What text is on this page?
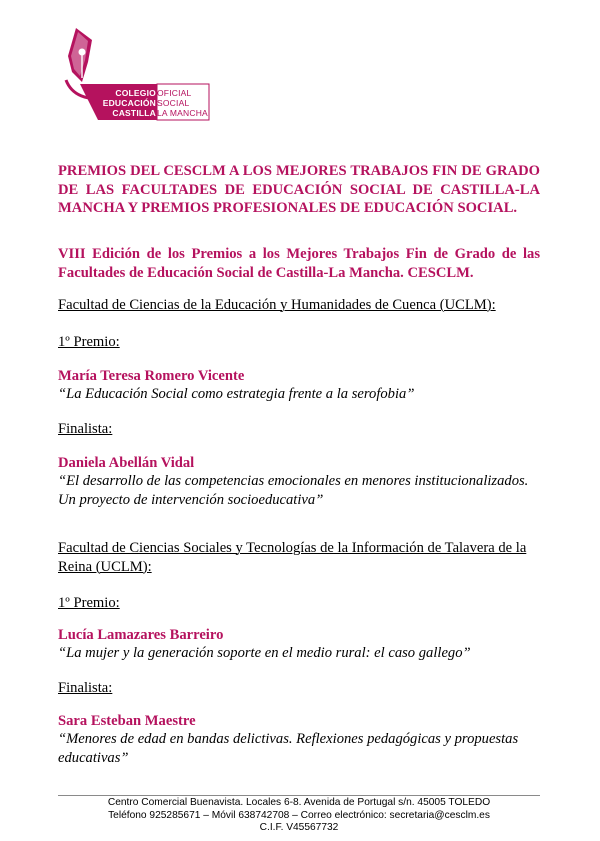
COLEGIO
EDUCACIÓN
CASTILLA
OFICIAL
SOCIAL
LA MANCHA

PREMIOS DEL CESCLM A LOS MEJORES TRABAJOS FIN DE GRADO DE LAS FACULTADES DE EDUCACIÓN SOCIAL DE CASTILLA-LA MANCHA Y PREMIOS PROFESIONALES DE EDUCACIÓN SOCIAL.

VIII Edición de los Premios a los Mejores Trabajos Fin de Grado de las Facultades de Educación Social de Castilla-La Mancha. CESCLM.

Facultad de Ciencias de la Educación y Humanidades de Cuenca (UCLM):

1º Premio:

María Teresa Romero Vicente

“La Educación Social como estrategia frente a la serofobia”

Finalista:

Daniela Abellán Vidal

“El desarrollo de las competencias emocionales en menores institucionalizados. Un proyecto de intervención socioeducativa”

Facultad de Ciencias Sociales y Tecnologías de la Información de Talavera de la Reina (UCLM):

1º Premio:

Lucía Lamazares Barreiro

“La mujer y la generación soporte en el medio rural: el caso gallego”

Finalista:

Sara Esteban Maestre

“Menores de edad en bandas delictivas. Reflexiones pedagógicas y propuestas educativas”

Centro Comercial Buenavista. Locales 6-8. Avenida de Portugal s/n. 45005 TOLEDO
Teléfono 925285671 – Móvil 638742708 – Correo electrónico: secretaria@cesclm.es
C.I.F. V45567732
